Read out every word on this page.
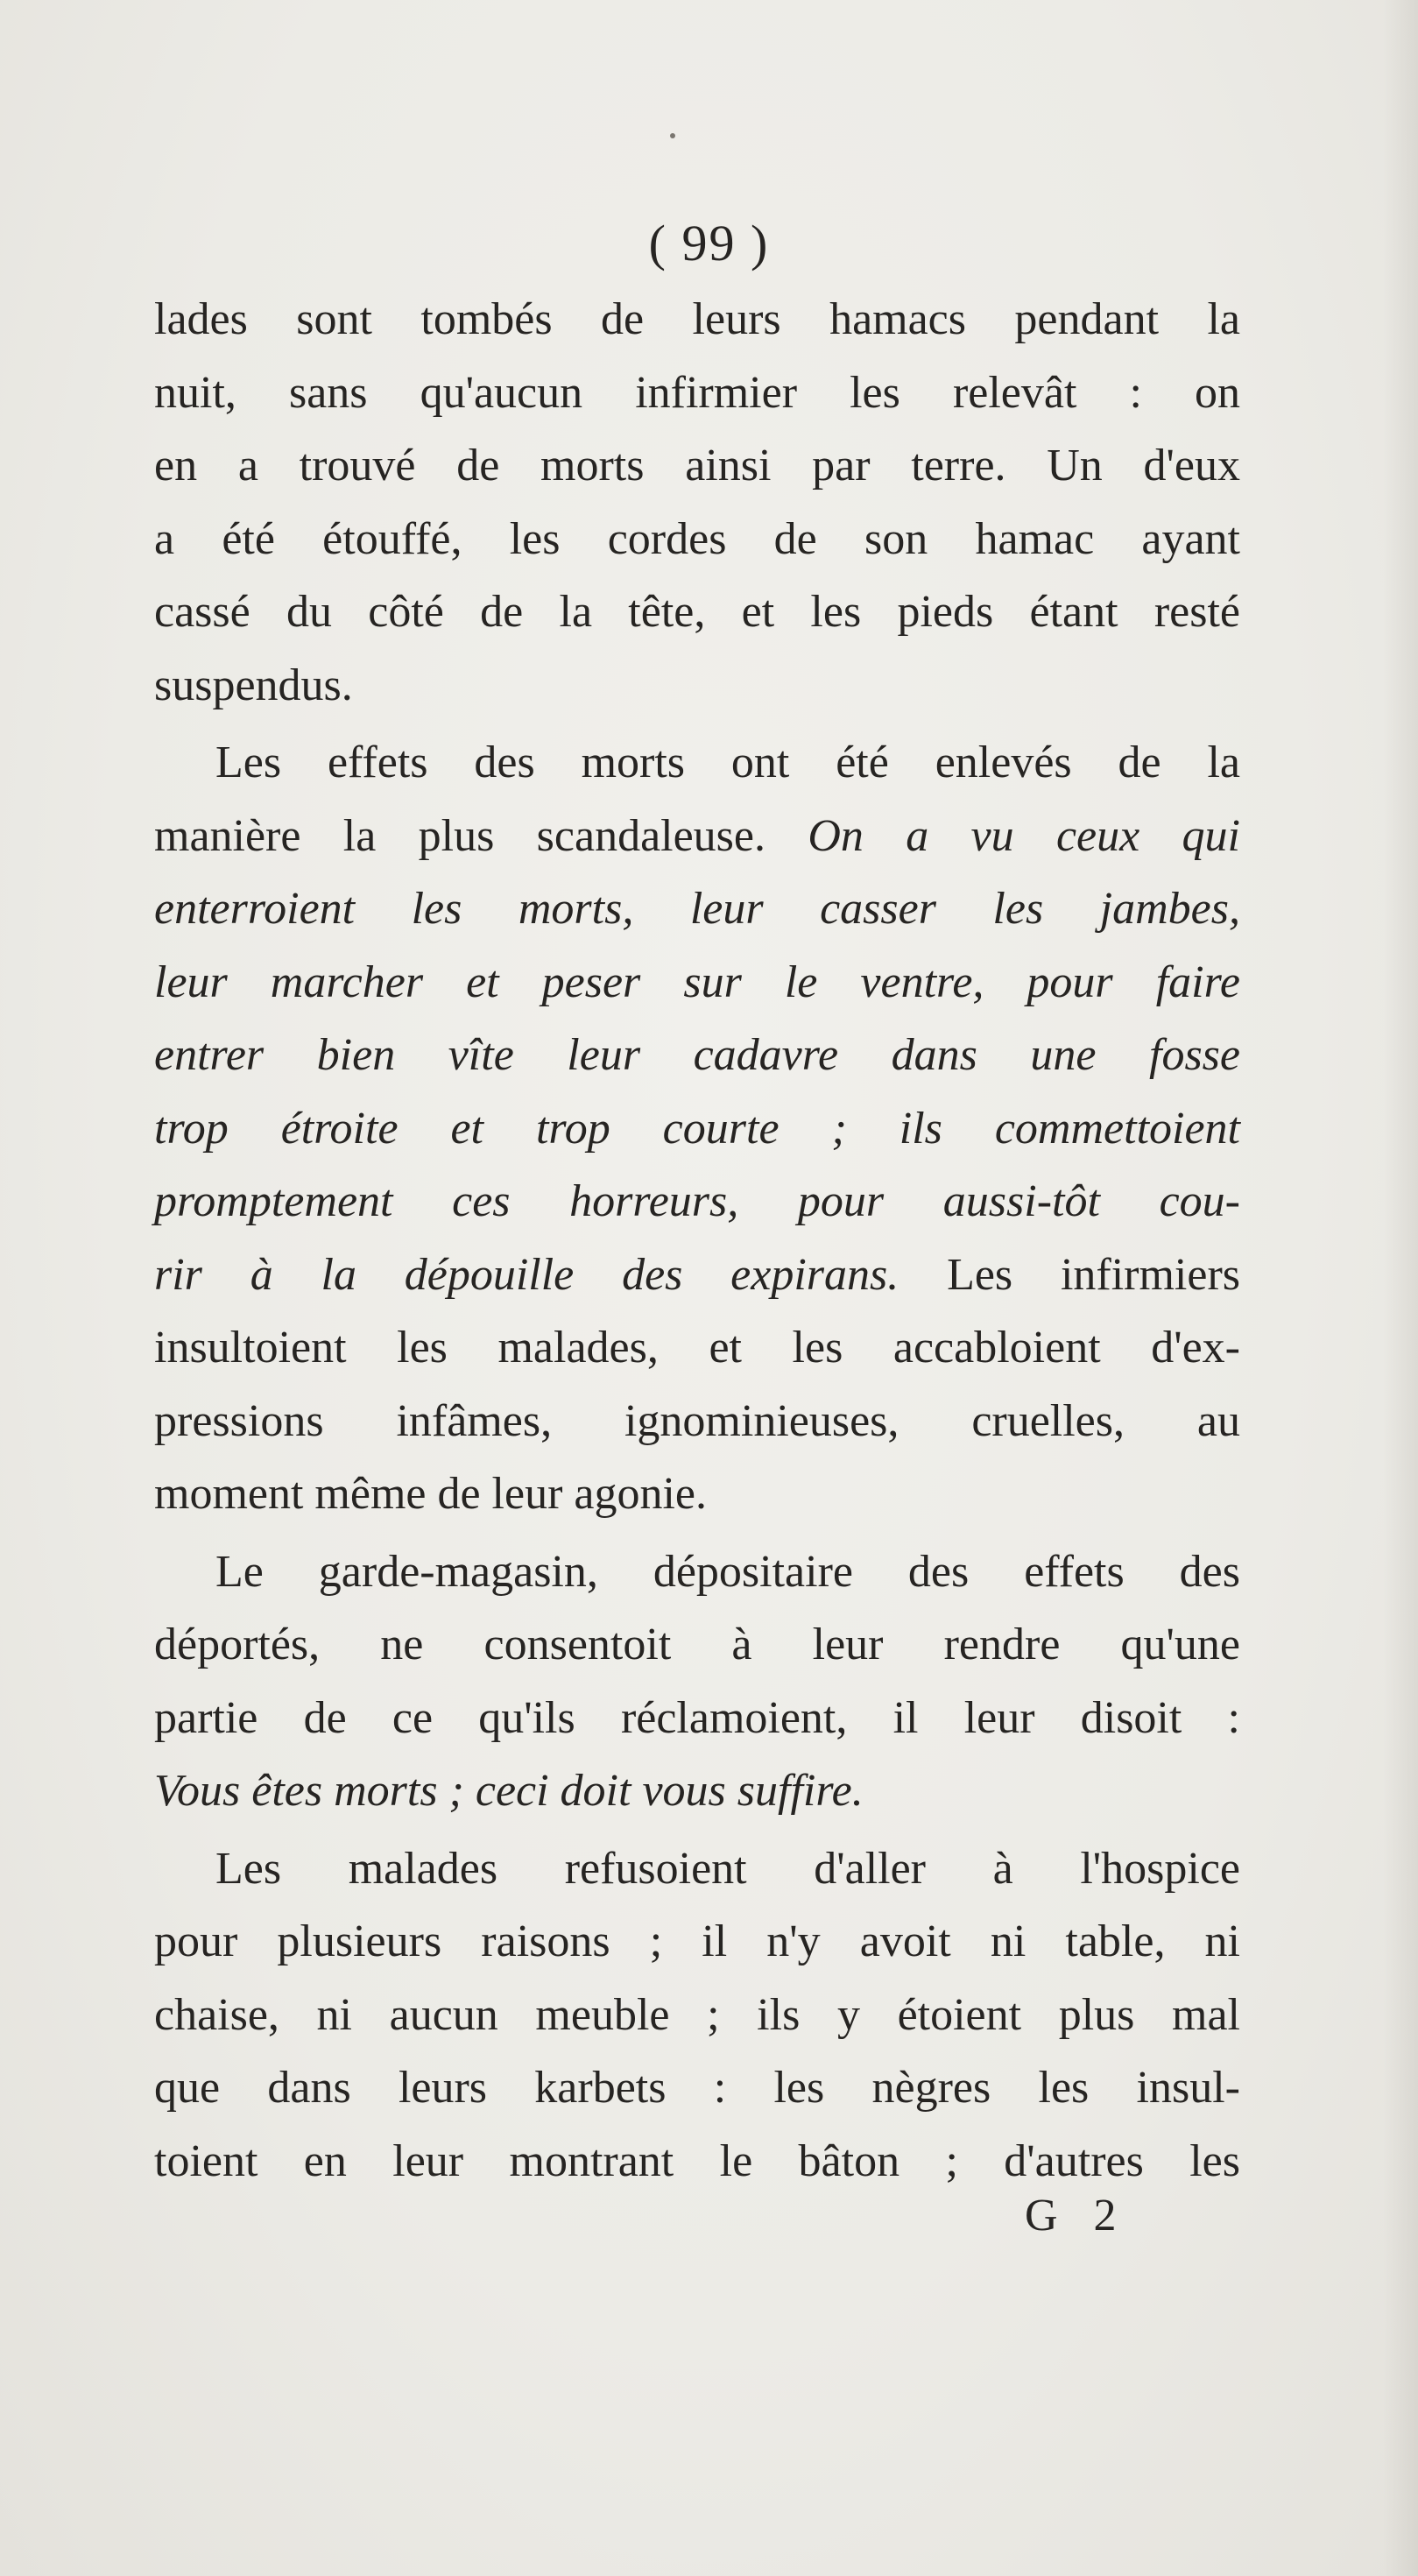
( 99 )
lades sont tombés de leurs hamacs pendant la
nuit, sans qu'aucun infirmier les relevât : on
en a trouvé de morts ainsi par terre. Un d'eux
a été étouffé, les cordes de son hamac ayant
cassé du côté de la tête, et les pieds étant resté
suspendus.
Les effets des morts ont été enlevés de la
manière la plus scandaleuse. On a vu ceux qui
enterroient les morts, leur casser les jambes,
leur marcher et peser sur le ventre, pour faire
entrer bien vîte leur cadavre dans une fosse
trop étroite et trop courte ; ils commettoient
promptement ces horreurs, pour aussi-tôt cou-
rir à la dépouille des expirans. Les infirmiers
insultoient les malades, et les accabloient d'ex-
pressions infâmes, ignominieuses, cruelles, au
moment même de leur agonie.
Le garde-magasin, dépositaire des effets des
déportés, ne consentoit à leur rendre qu'une
partie de ce qu'ils réclamoient, il leur disoit :
Vous êtes morts ; ceci doit vous suffire.
Les malades refusoient d'aller à l'hospice
pour plusieurs raisons ; il n'y avoit ni table, ni
chaise, ni aucun meuble ; ils y étoient plus mal
que dans leurs karbets : les nègres les insul-
toient en leur montrant le bâton ; d'autres les
G 2
